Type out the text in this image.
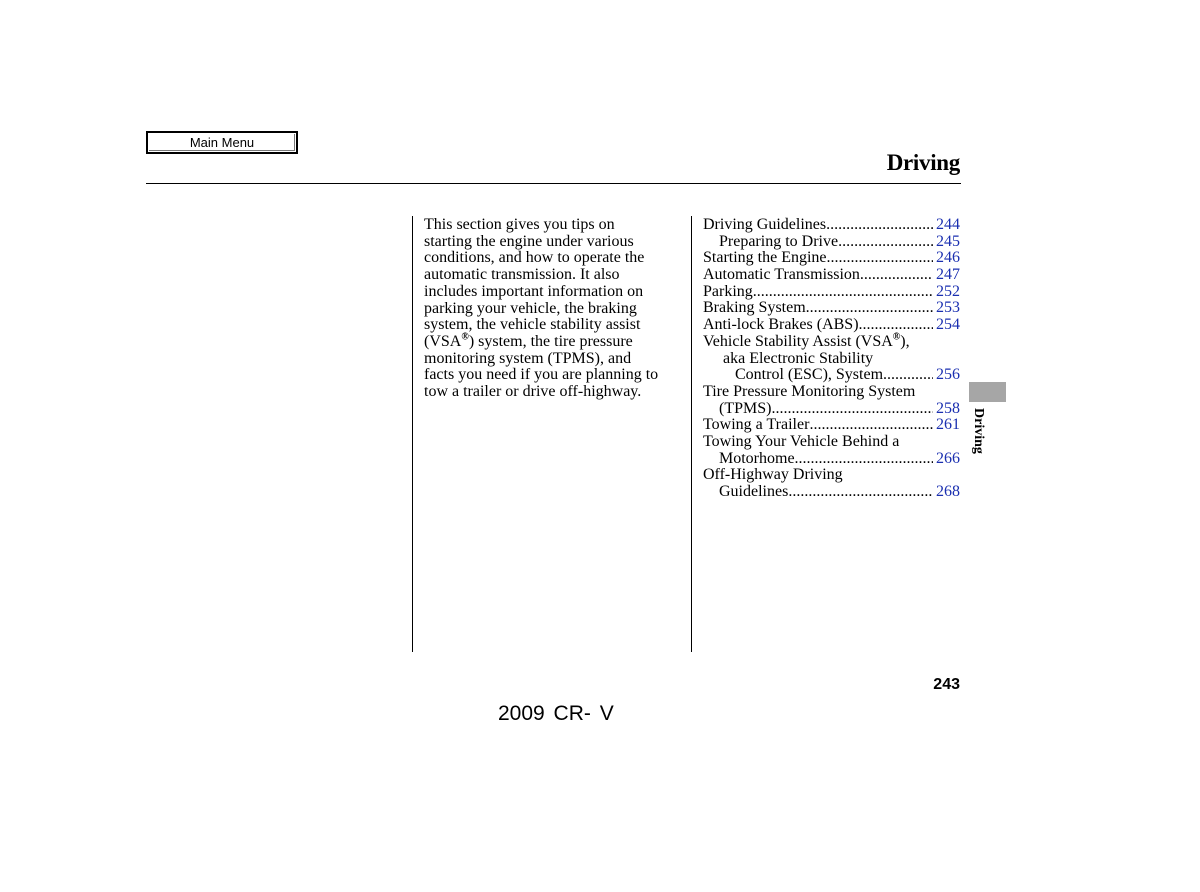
Main Menu
Driving
This section gives you tips on
starting the engine under various
conditions, and how to operate the
automatic transmission. It also
includes important information on
parking your vehicle, the braking
system, the vehicle stability assist
(VSA®) system, the tire pressure
monitoring system (TPMS), and
facts you need if you are planning to
tow a trailer or drive off-highway.
Driving Guidelines .....	244
Preparing to Drive .....	245
Starting the Engine .....	246
Automatic Transmission .....	247
Parking .....	252
Braking System .....	253
Anti-lock Brakes (ABS) .....	254
Vehicle Stability Assist (VSA®),
aka Electronic Stability
Control (ESC), System .....	256
Tire Pressure Monitoring System
(TPMS) .....	258
Towing a Trailer .....	261
Towing Your Vehicle Behind a
Motorhome .....	266
Off-Highway Driving
Guidelines .....	268
Driving
243
2009 CR- V
